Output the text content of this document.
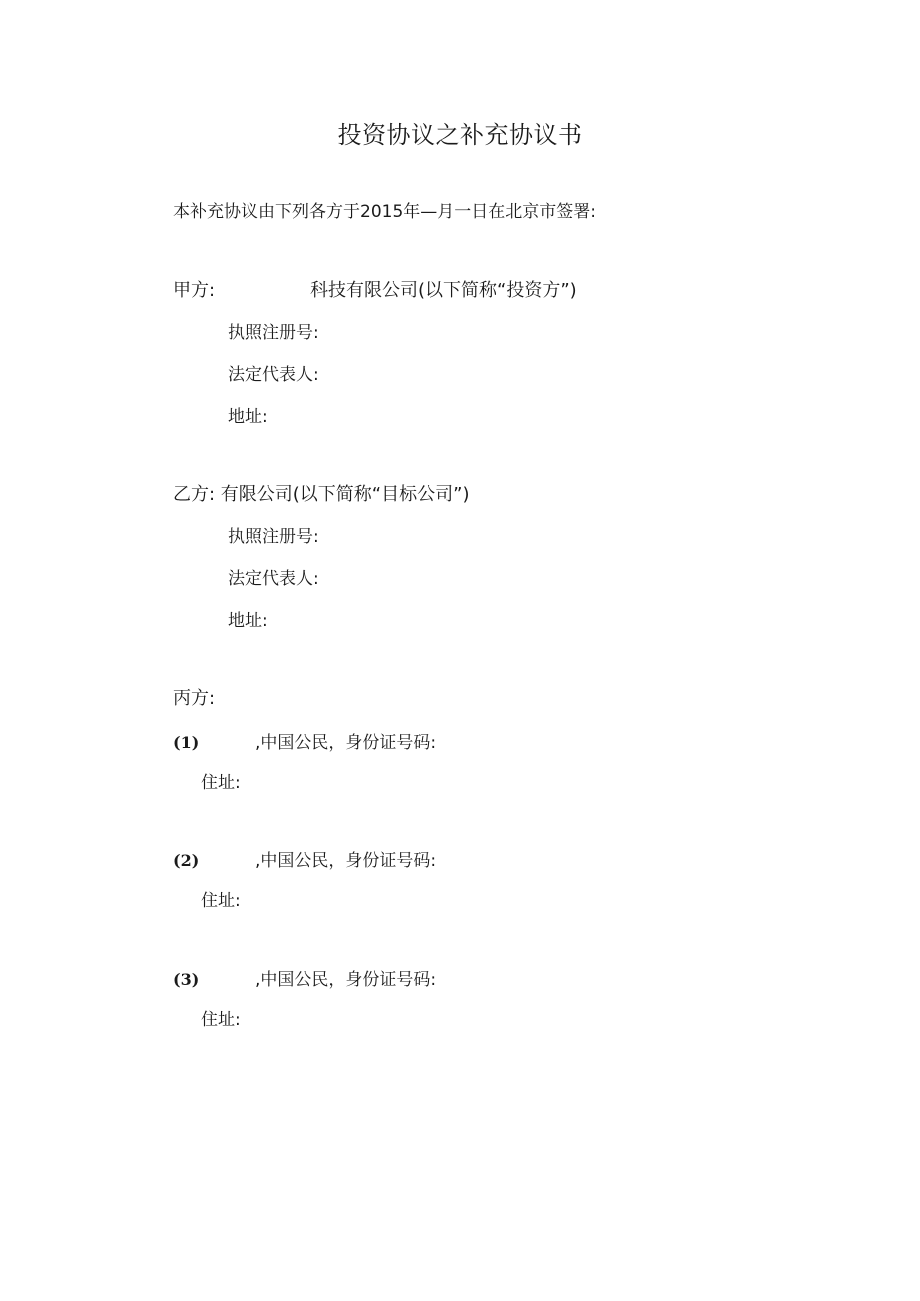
投资协议之补充协议书
本补充协议由下列各方于2015年—月一日在北京市签署:
甲方:	科技有限公司(以下简称“投资方”)
执照注册号:
法定代表人:
地址:
乙方: 有限公司(以下简称“目标公司”)
执照注册号:
法定代表人:
地址:
丙方:
(1)	,中国公民，身份证号码:
住址:
(2)	,中国公民，身份证号码:
住址:
(3)	,中国公民，身份证号码:
住址:
